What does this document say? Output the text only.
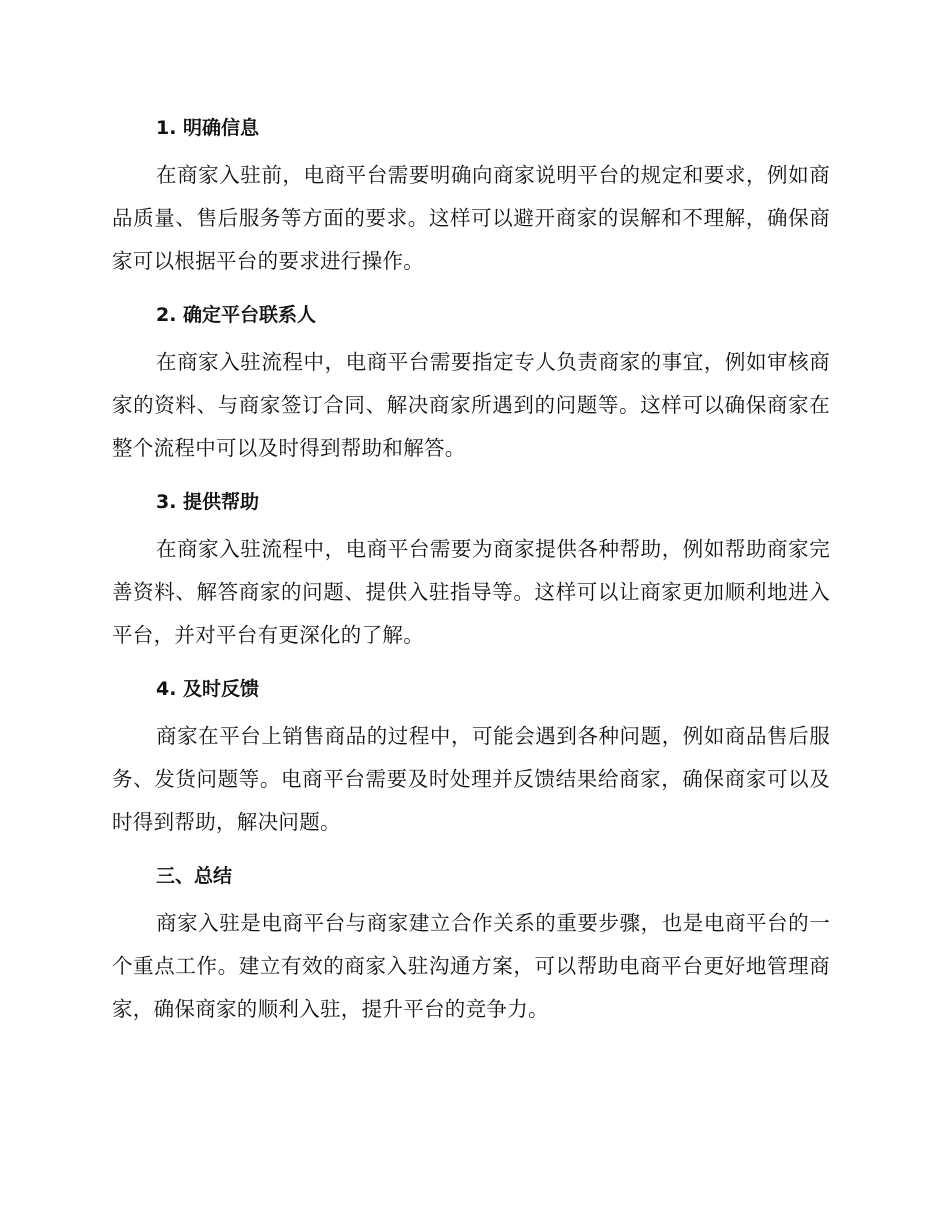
1. 明确信息

在商家入驻前，电商平台需要明确向商家说明平台的规定和要求，例如商品质量、售后服务等方面的要求。这样可以避开商家的误解和不理解，确保商家可以根据平台的要求进行操作。

2. 确定平台联系人

在商家入驻流程中，电商平台需要指定专人负责商家的事宜，例如审核商家的资料、与商家签订合同、解决商家所遇到的问题等。这样可以确保商家在整个流程中可以及时得到帮助和解答。

3. 提供帮助

在商家入驻流程中，电商平台需要为商家提供各种帮助，例如帮助商家完善资料、解答商家的问题、提供入驻指导等。这样可以让商家更加顺利地进入平台，并对平台有更深化的了解。

4. 及时反馈

商家在平台上销售商品的过程中，可能会遇到各种问题，例如商品售后服务、发货问题等。电商平台需要及时处理并反馈结果给商家，确保商家可以及时得到帮助，解决问题。

三、总结

商家入驻是电商平台与商家建立合作关系的重要步骤，也是电商平台的一个重点工作。建立有效的商家入驻沟通方案，可以帮助电商平台更好地管理商家，确保商家的顺利入驻，提升平台的竞争力。
